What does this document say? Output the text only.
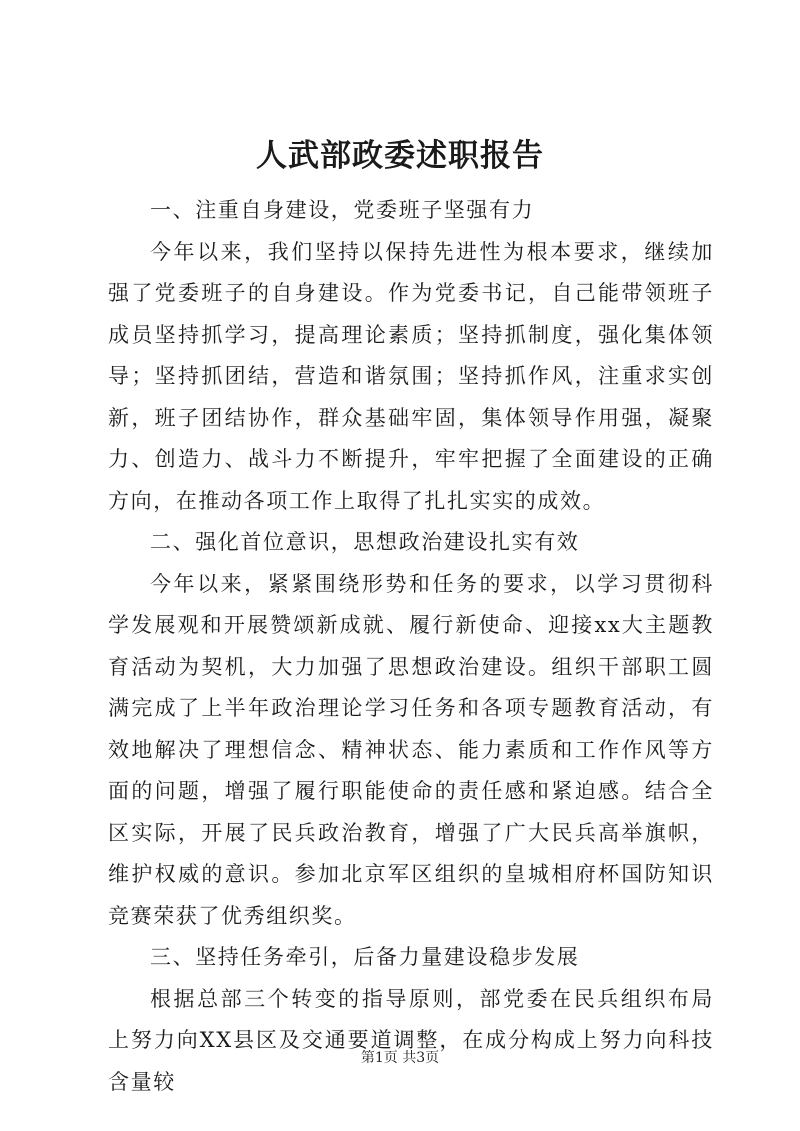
人武部政委述职报告

一、注重自身建设，党委班子坚强有力

今年以来，我们坚持以保持先进性为根本要求，继续加强了党委班子的自身建设。作为党委书记，自己能带领班子成员坚持抓学习，提高理论素质；坚持抓制度，强化集体领导；坚持抓团结，营造和谐氛围；坚持抓作风，注重求实创新，班子团结协作，群众基础牢固，集体领导作用强，凝聚力、创造力、战斗力不断提升，牢牢把握了全面建设的正确方向，在推动各项工作上取得了扎扎实实的成效。

二、强化首位意识，思想政治建设扎实有效

今年以来，紧紧围绕形势和任务的要求，以学习贯彻科学发展观和开展赞颂新成就、履行新使命、迎接xx大主题教育活动为契机，大力加强了思想政治建设。组织干部职工圆满完成了上半年政治理论学习任务和各项专题教育活动，有效地解决了理想信念、精神状态、能力素质和工作作风等方面的问题，增强了履行职能使命的责任感和紧迫感。结合全区实际，开展了民兵政治教育，增强了广大民兵高举旗帜，维护权威的意识。参加北京军区组织的皇城相府杯国防知识竞赛荣获了优秀组织奖。

三、坚持任务牵引，后备力量建设稳步发展

根据总部三个转变的指导原则，部党委在民兵组织布局上努力向XX县区及交通要道调整，在成分构成上努力向科技含量较

第1页 共3页
